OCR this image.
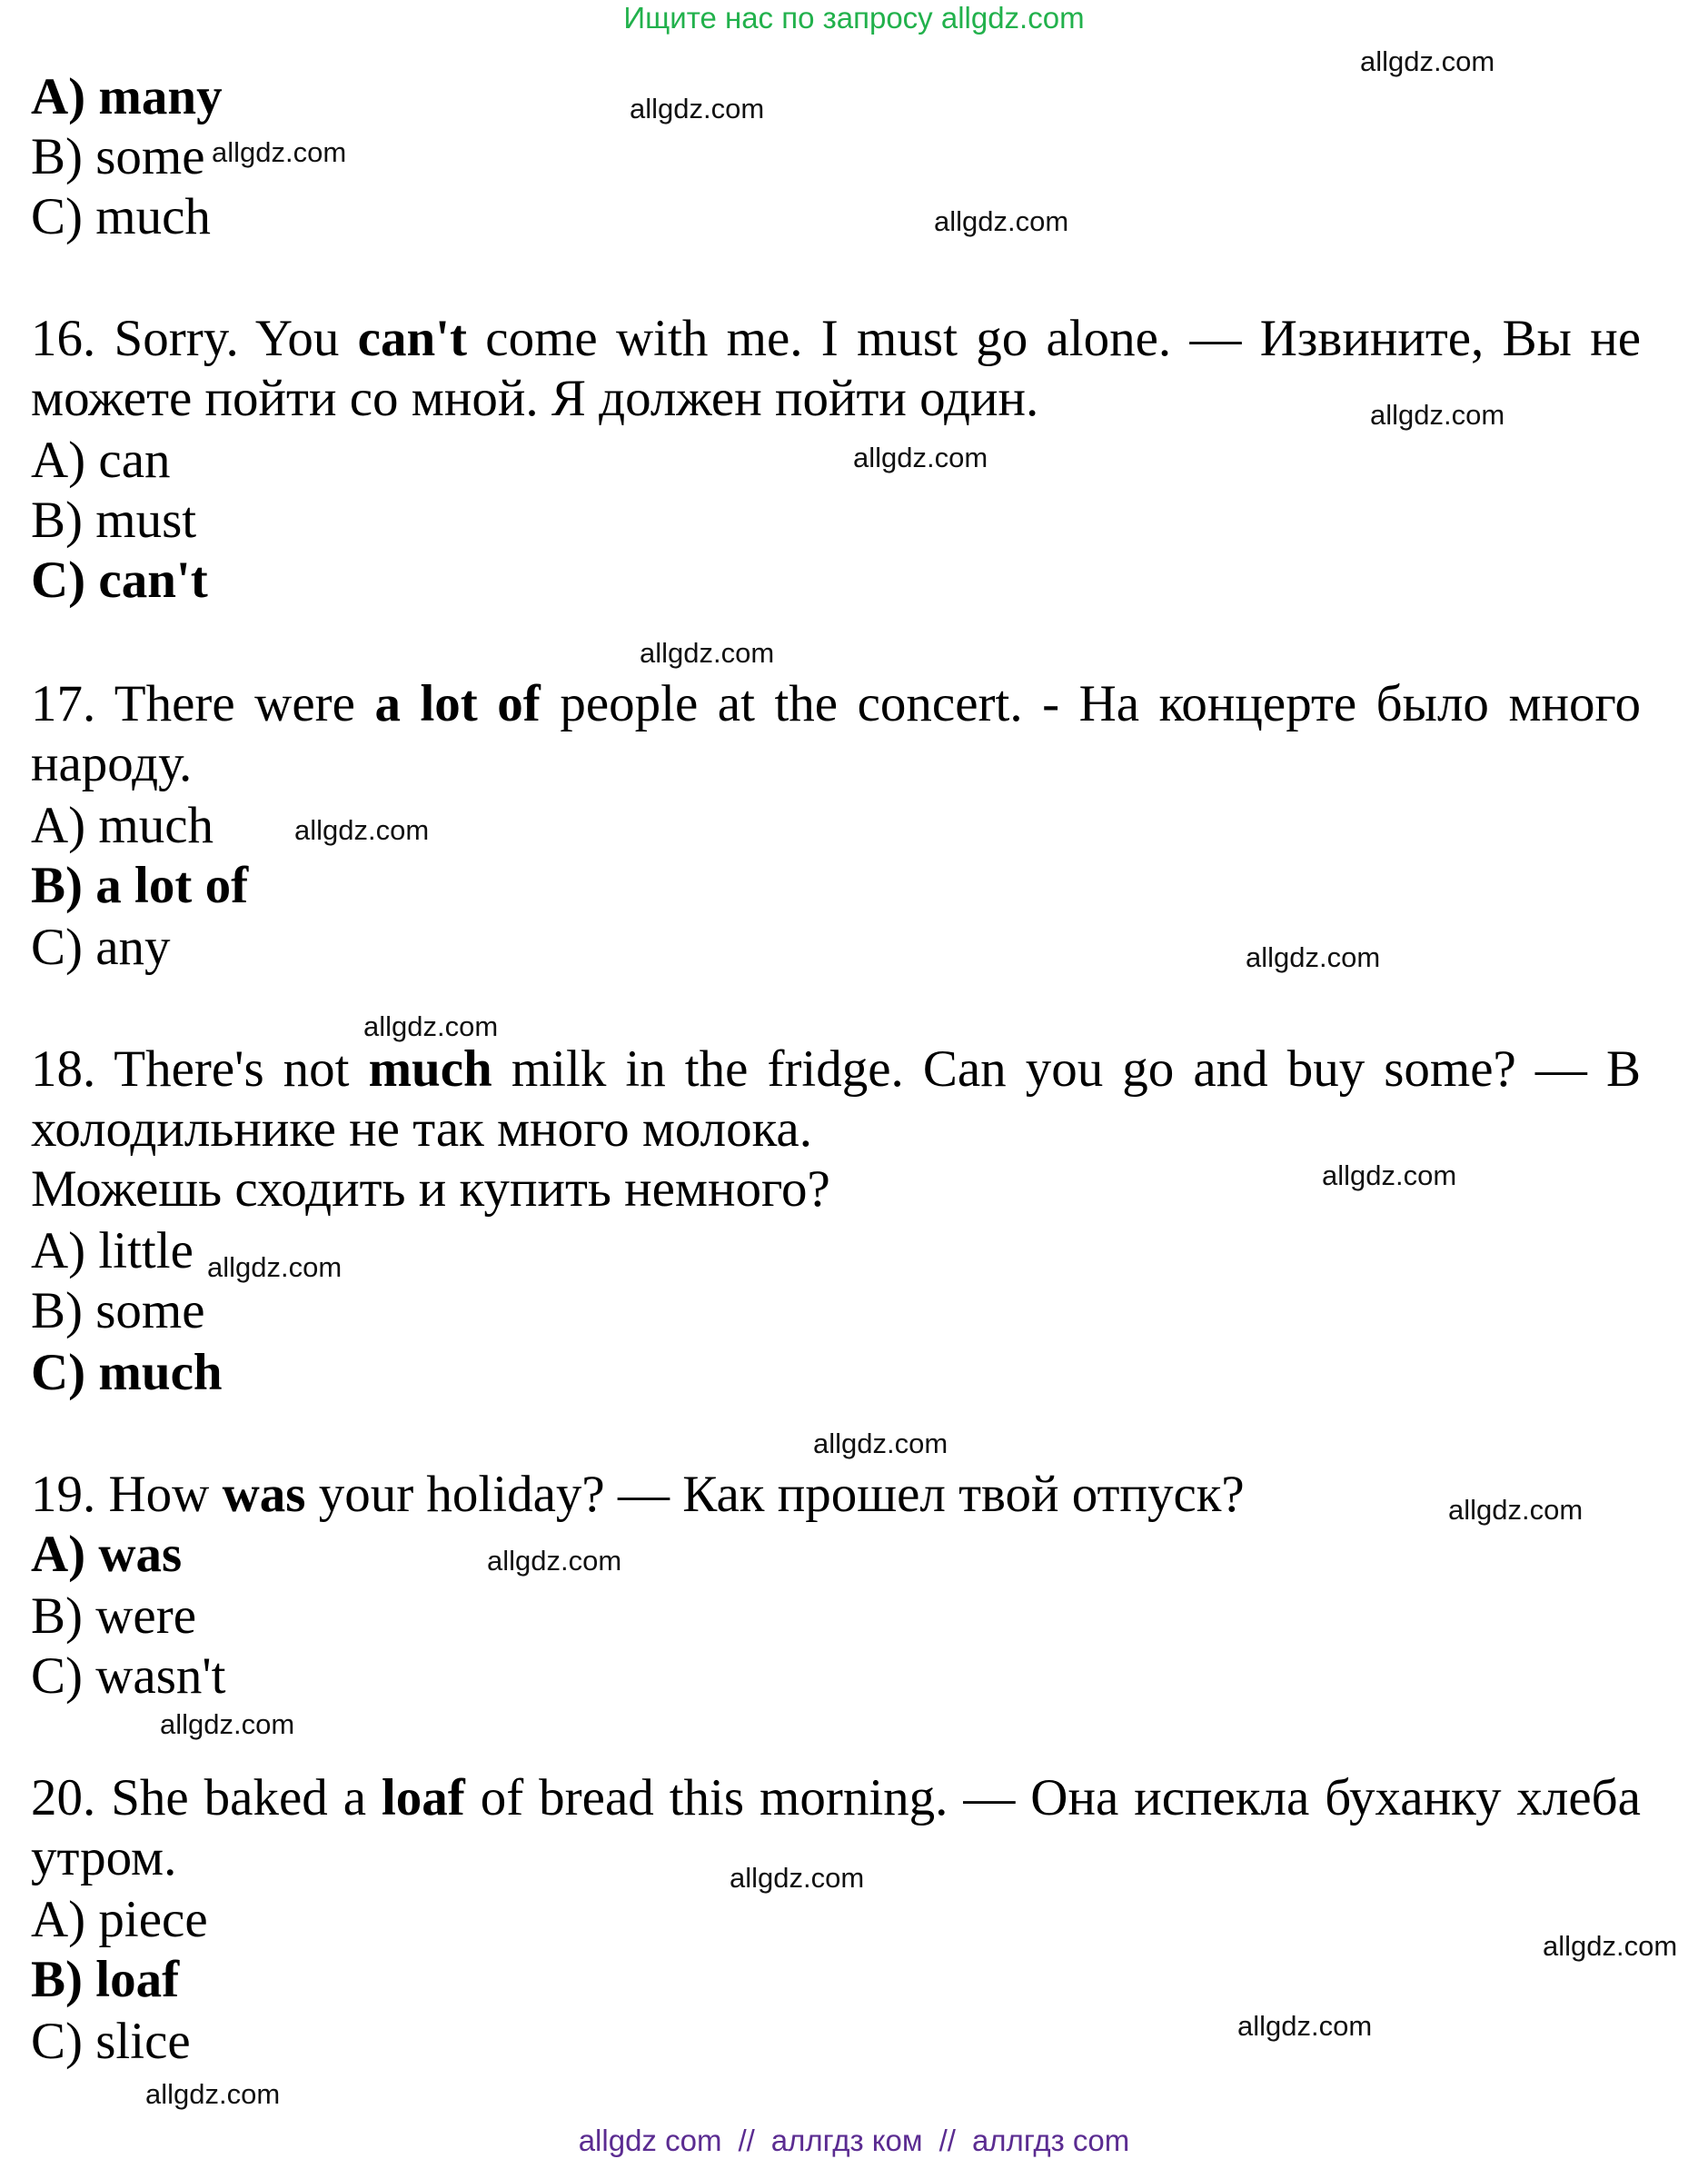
Ищите нас по запросу allgdz.com
A) many
B) some
C) much
16. Sorry. You can't come with me. I must go alone. — Извините, Вы не
можете пойти со мной. Я должен пойти один.
A) can
B) must
C) can't
17. There were a lot of people at the concert. - На концерте было много
народу.
A) much
B) a lot of
C) any
18. There's not much milk in the fridge. Can you go and buy some? — В
холодильнике не так много молока.
Можешь сходить и купить немного?
A) little
B) some
C) much
19. How was your holiday? — Как прошел твой отпуск?
A) was
B) were
C) wasn't
20. She baked a loaf of bread this morning. — Она испекла буханку хлеба
утром.
A) piece
B) loaf
C) slice
allgdz.com
allgdz.com
allgdz.com
allgdz.com
allgdz.com
allgdz.com
allgdz.com
allgdz.com
allgdz.com
allgdz.com
allgdz.com
allgdz.com
allgdz.com
allgdz.com
allgdz.com
allgdz.com
allgdz.com
allgdz.com
allgdz.com
allgdz.com
allgdz com // аллгдз ком // аллгдз com
